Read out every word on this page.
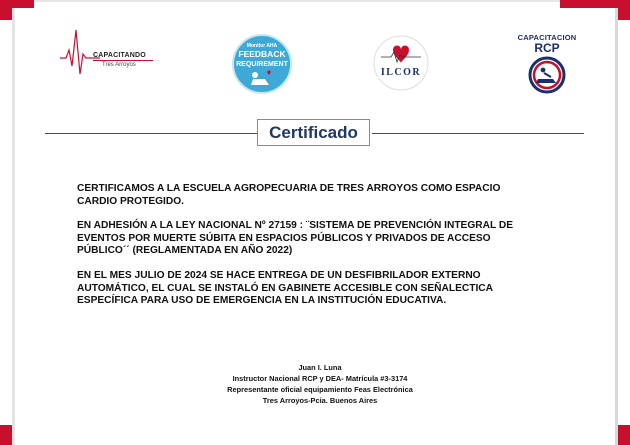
CAPACITANDO
Tres Arroyos
Monitor AHA
FEEDBACK
REQUIREMENT
ILCOR
CAPACITACION
RCP
Certificado
CERTIFICAMOS A LA ESCUELA AGROPECUARIA DE TRES ARROYOS COMO ESPACIO
CARDIO PROTEGIDO.
EN ADHESIÓN A LA LEY NACIONAL Nº 27159 : ¨SISTEMA DE PREVENCIÓN INTEGRAL DE
EVENTOS POR MUERTE SÚBITA EN ESPACIOS PÚBLICOS Y PRIVADOS DE ACCESO
PÚBLICO´´ (REGLAMENTADA EN AÑO 2022)
EN EL MES JULIO DE 2024 SE HACE ENTREGA DE UN DESFIBRILADOR EXTERNO
AUTOMÁTICO, EL CUAL SE INSTALÓ EN GABINETE ACCESIBLE CON SEÑALECTICA
ESPECÍFICA PARA USO DE EMERGENCIA EN LA INSTITUCIÓN EDUCATIVA.
Juan I. Luna
Instructor Nacional RCP y DEA- Matrícula #3-3174
Representante oficial equipamiento Feas Electrónica
Tres Arroyos-Pcia. Buenos Aires
